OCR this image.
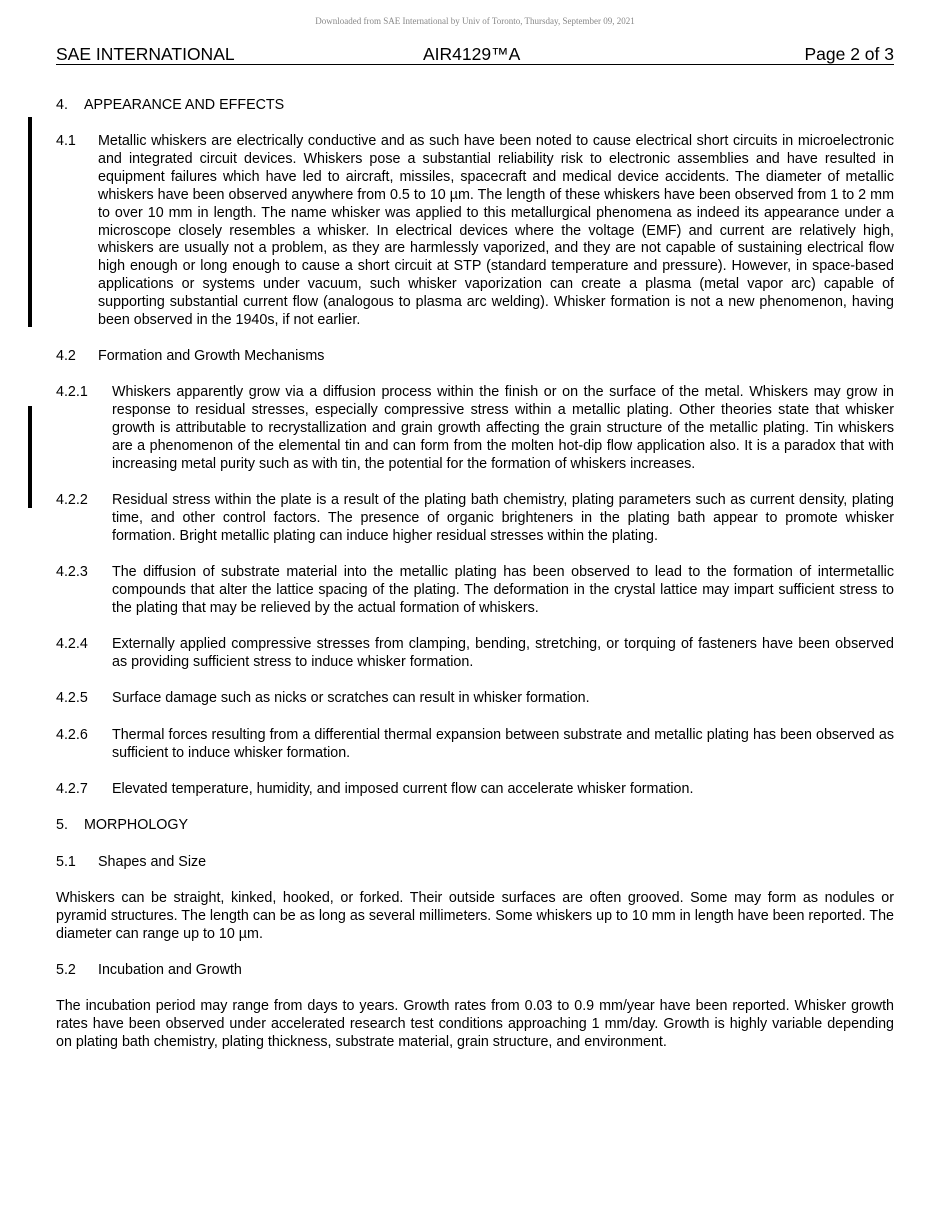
Downloaded from SAE International by Univ of Toronto, Thursday, September 09, 2021
SAE INTERNATIONAL	AIR4129™A	Page 2 of 3
4. APPEARANCE AND EFFECTS
4.1 Metallic whiskers are electrically conductive and as such have been noted to cause electrical short circuits in microelectronic and integrated circuit devices. Whiskers pose a substantial reliability risk to electronic assemblies and have resulted in equipment failures which have led to aircraft, missiles, spacecraft and medical device accidents. The diameter of metallic whiskers have been observed anywhere from 0.5 to 10 µm. The length of these whiskers have been observed from 1 to 2 mm to over 10 mm in length. The name whisker was applied to this metallurgical phenomena as indeed its appearance under a microscope closely resembles a whisker. In electrical devices where the voltage (EMF) and current are relatively high, whiskers are usually not a problem, as they are harmlessly vaporized, and they are not capable of sustaining electrical flow high enough or long enough to cause a short circuit at STP (standard temperature and pressure). However, in space-based applications or systems under vacuum, such whisker vaporization can create a plasma (metal vapor arc) capable of supporting substantial current flow (analogous to plasma arc welding). Whisker formation is not a new phenomenon, having been observed in the 1940s, if not earlier.
4.2 Formation and Growth Mechanisms
4.2.1 Whiskers apparently grow via a diffusion process within the finish or on the surface of the metal. Whiskers may grow in response to residual stresses, especially compressive stress within a metallic plating. Other theories state that whisker growth is attributable to recrystallization and grain growth affecting the grain structure of the metallic plating. Tin whiskers are a phenomenon of the elemental tin and can form from the molten hot-dip flow application also. It is a paradox that with increasing metal purity such as with tin, the potential for the formation of whiskers increases.
4.2.2 Residual stress within the plate is a result of the plating bath chemistry, plating parameters such as current density, plating time, and other control factors. The presence of organic brighteners in the plating bath appear to promote whisker formation. Bright metallic plating can induce higher residual stresses within the plating.
4.2.3 The diffusion of substrate material into the metallic plating has been observed to lead to the formation of intermetallic compounds that alter the lattice spacing of the plating. The deformation in the crystal lattice may impart sufficient stress to the plating that may be relieved by the actual formation of whiskers.
4.2.4 Externally applied compressive stresses from clamping, bending, stretching, or torquing of fasteners have been observed as providing sufficient stress to induce whisker formation.
4.2.5 Surface damage such as nicks or scratches can result in whisker formation.
4.2.6 Thermal forces resulting from a differential thermal expansion between substrate and metallic plating has been observed as sufficient to induce whisker formation.
4.2.7 Elevated temperature, humidity, and imposed current flow can accelerate whisker formation.
5. MORPHOLOGY
5.1 Shapes and Size
Whiskers can be straight, kinked, hooked, or forked. Their outside surfaces are often grooved. Some may form as nodules or pyramid structures. The length can be as long as several millimeters. Some whiskers up to 10 mm in length have been reported. The diameter can range up to 10 µm.
5.2 Incubation and Growth
The incubation period may range from days to years. Growth rates from 0.03 to 0.9 mm/year have been reported. Whisker growth rates have been observed under accelerated research test conditions approaching 1 mm/day. Growth is highly variable depending on plating bath chemistry, plating thickness, substrate material, grain structure, and environment.
